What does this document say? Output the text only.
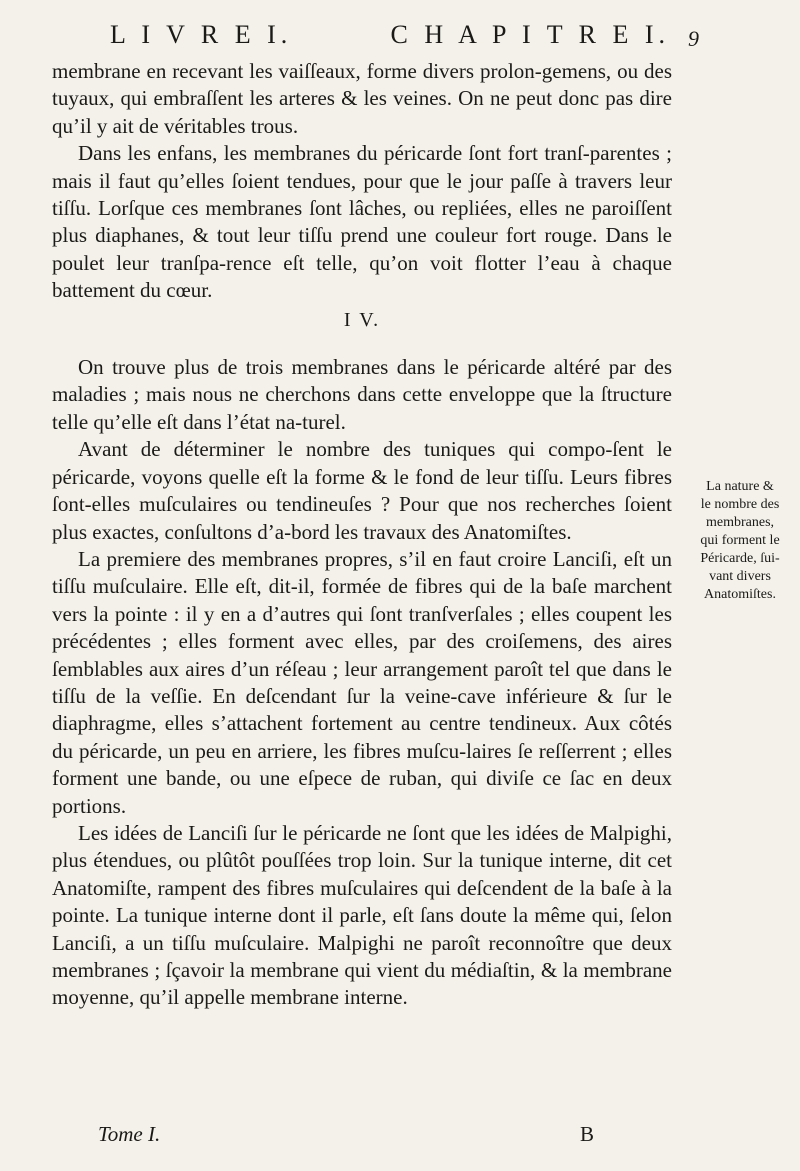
L I V R E I.	C H A P I T R E I. 9

membrane en recevant les vaiſſeaux, forme divers prolon-gemens, ou des tuyaux, qui embraſſent les arteres & les veines. On ne peut donc pas dire qu’il y ait de véritables trous.

Dans les enfans, les membranes du péricarde ſont fort tranſ-parentes ; mais il faut qu’elles ſoient tendues, pour que le jour paſſe à travers leur tiſſu. Lorſque ces membranes ſont lâches, ou repliées, elles ne paroiſſent plus diaphanes, & tout leur tiſſu prend une couleur fort rouge. Dans le poulet leur tranſpa-rence eſt telle, qu’on voit flotter l’eau à chaque battement du cœur.

I V.

On trouve plus de trois membranes dans le péricarde altéré par des maladies ; mais nous ne cherchons dans cette enveloppe que la ſtructure telle qu’elle eſt dans l’état na-turel.

Avant de déterminer le nombre des tuniques qui compo-ſent le péricarde, voyons quelle eſt la forme & le fond de leur tiſſu. Leurs fibres ſont-elles muſculaires ou tendineuſes ? Pour que nos recherches ſoient plus exactes, conſultons d’a-bord les travaux des Anatomiſtes.

La premiere des membranes propres, s’il en faut croire Lanciſi, eſt un tiſſu muſculaire. Elle eſt, dit-il, formée de fibres qui de la baſe marchent vers la pointe : il y en a d’autres qui ſont tranſverſales ; elles coupent les précédentes ; elles forment avec elles, par des croiſemens, des aires ſemblables aux aires d’un réſeau ; leur arrangement paroît tel que dans le tiſſu de la veſſie. En deſcendant ſur la veine-cave inférieure & ſur le diaphragme, elles s’attachent fortement au centre tendineux. Aux côtés du péricarde, un peu en arriere, les fibres muſcu-laires ſe reſſerrent ; elles forment une bande, ou une eſpece de ruban, qui diviſe ce ſac en deux portions.

Les idées de Lanciſi ſur le péricarde ne ſont que les idées de Malpighi, plus étendues, ou plûtôt pouſſées trop loin. Sur la tunique interne, dit cet Anatomiſte, rampent des fibres muſculaires qui deſcendent de la baſe à la pointe. La tunique interne dont il parle, eſt ſans doute la même qui, ſelon Lanciſi, a un tiſſu muſculaire. Malpighi ne paroît reconnoître que deux membranes ; ſçavoir la membrane qui vient du médiaſtin, & la membrane moyenne, qu’il appelle membrane interne.

La nature &
le nombre des
membranes,
qui forment le
Péricarde, ſui-
vant divers
Anatomiſtes.
Tome I.	B
